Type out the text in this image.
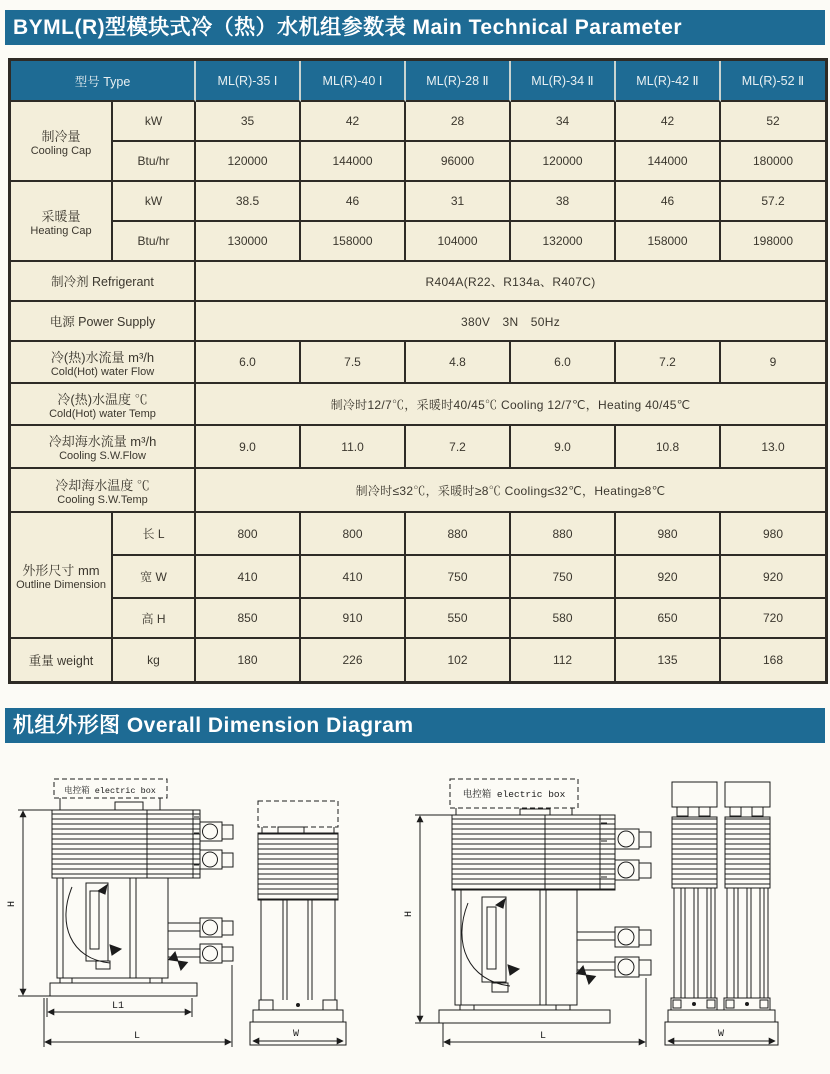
BYML(R)型模块式冷（热）水机组参数表 Main Technical Parameter
型号 Type		ML(R)-35 Ⅰ	ML(R)-40 Ⅰ	ML(R)-28 Ⅱ	ML(R)-34 Ⅱ	ML(R)-42 Ⅱ	ML(R)-52 Ⅱ

制冷量
Cooling Cap	kW	35	42	28	34	42	52
	Btu/hr	120000	144000	96000	120000	144000	180000

采暖量
Heating Cap	kW	38.5	46	31	38	46	57.2
	Btu/hr	130000	158000	104000	132000	158000	198000
制冷剂 Refrigerant		R404A(R22、R134a、R407C)					
电源 Power Supply		380V　3N　50Hz					

冷(热)水流量 m³/h
Cold(Hot) water Flow		6.0	7.5	4.8	6.0	7.2	9

冷(热)水温度 ℃
Cold(Hot) water Temp		制冷时12/7℃，采暖时40/45℃ Cooling 12/7℃，Heating 40/45℃					

冷却海水流量 m³/h
Cooling S.W.Flow		9.0	11.0	7.2	9.0	10.8	13.0

冷却海水温度 ℃
Cooling S.W.Temp		制冷时≤32℃，采暖时≥8℃ Cooling≤32℃，Heating≥8℃					

外形尺寸 mm
Outline Dimension	长 L	800	800	880	880	980	980
	宽 W	410	410	750	750	920	920
	高 H	850	910	550	580	650	720
重量 weight	kg	180	226	102	112	135	168
机组外形图 Overall Dimension Diagram
H
L1
L
电控箱 electric box
W
H
L
电控箱 electric box
W
